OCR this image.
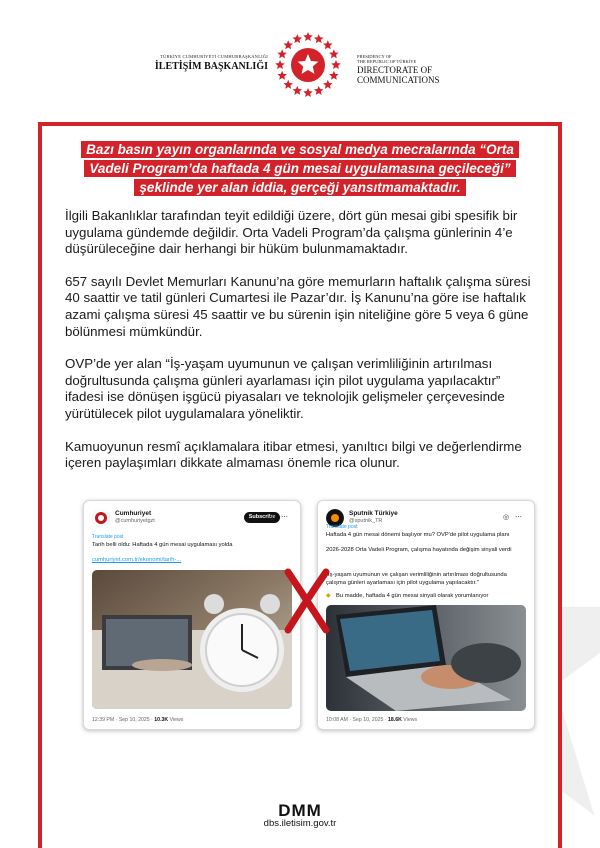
TÜRKİYE CUMHURİYETİ CUMHURBAŞKANLIĞI
İLETİŞİM BAŞKANLIĞI
PRESIDENCY OF
THE REPUBLIC OF TÜRKİYE
DIRECTORATE OF
COMMUNICATIONS
Bazı basın yayın organlarında ve sosyal medya mecralarında “Orta
Vadeli Program’da haftada 4 gün mesai uygulamasına geçileceği”
şeklinde yer alan iddia, gerçeği yansıtmamaktadır.

İlgili Bakanlıklar tarafından teyit edildiği üzere, dört gün mesai gibi spesifik bir uygulama gündemde değildir. Orta Vadeli Program’da çalışma günlerinin 4’e düşürüleceğine dair herhangi bir hüküm bulunmamaktadır.

657 sayılı Devlet Memurları Kanunu’na göre memurların haftalık çalışma süresi 40 saattir ve tatil günleri Cumartesi ile Pazar’dır. İş Kanunu’na göre ise haftalık azami çalışma süresi 45 saattir ve bu sürenin işin niteliğine göre 5 veya 6 güne bölünmesi mümkündür.

OVP’de yer alan “İş-yaşam uyumunun ve çalışan verimliliğinin artırılması doğrultusunda çalışma günleri ayarlaması için pilot uygulama yapılacaktır” ifadesi ise dönüşen işgücü piyasaları ve teknolojik gelişmeler çerçevesinde yürütülecek pilot uygulamalara yöneliktir.

Kamuoyunun resmî açıklamalara itibar etmesi, yanıltıcı bilgi ve değerlendirme içeren paylaşımları dikkate almaması önemle rica olunur.

Cumhuriyet
@cumhuriyetgzt
Subscribe
◎ ⋯
Translate post
Tarih belli oldu: Haftada 4 gün mesai uygulaması yolda
cumhuriyet.com.tr/ekonomi/tarih-...
12:39 PM · Sep 10, 2025 · 10.3K Views
Sputnik Türkiye
@sputnik_TR	◎ ⋯
Translate post
Haftada 4 gün mesai dönemi başlıyor mu? OVP'de pilot uygulama planı
2026-2028 Orta Vadeli Program, çalışma hayatında değişim sinyali verdi
"İş-yaşam uyumunun ve çalışan verimliliğinin artırılması doğrultusunda çalışma günleri ayarlaması için pilot uygulama yapılacaktır."
◆ Bu madde, haftada 4 gün mesai sinyali olarak yorumlanıyor
10:08 AM · Sep 10, 2025 · 18.6K Views
DMM
dbs.iletisim.gov.tr
